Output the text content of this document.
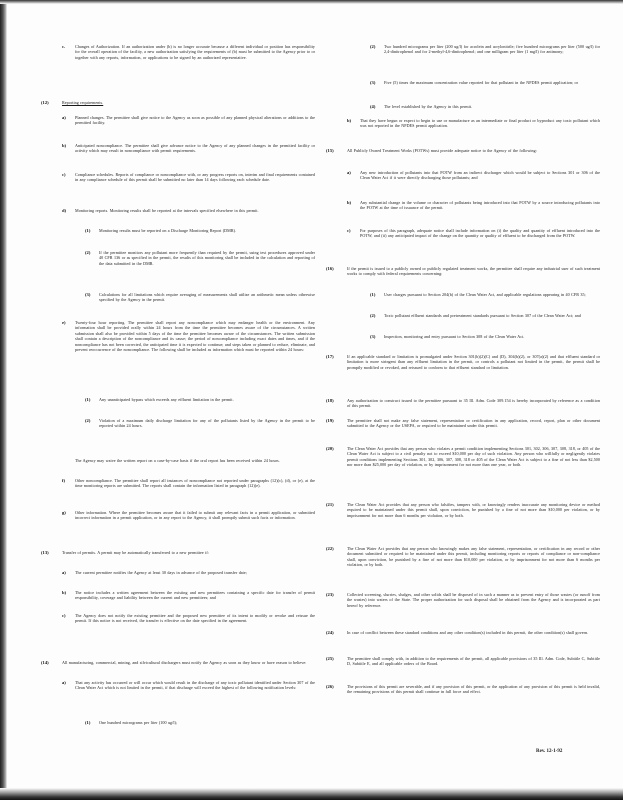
c. Changes of Authorization. If an authorization under (b) is no longer accurate because a different individual or position has responsibility for the overall operation of the facility, a new authorization satisfying the requirements of (b) must be submitted to the Agency prior to or together with any reports, information, or applications to be signed by an authorized representative.
(12)	Reporting requirements.
a) Planned changes. The permittee shall give notice to the Agency as soon as possible of any planned physical alterations or additions to the permitted facility.
b) Anticipated noncompliance. The permittee shall give advance notice to the Agency of any planned changes in the permitted facility or activity which may result in noncompliance with permit requirements.
c) Compliance schedules. Reports of compliance or noncompliance with, or any progress reports on, interim and final requirements contained in any compliance schedule of this permit shall be submitted no later than 14 days following each schedule date.
d) Monitoring reports. Monitoring results shall be reported at the intervals specified elsewhere in this permit.
(1) Monitoring results must be reported on a Discharge Monitoring Report (DMR).
(2) If the permittee monitors any pollutant more frequently than required by the permit, using test procedures approved under 40 CFR 136 or as specified in the permit, the results of this monitoring shall be included in the calculation and reporting of the data submitted in the DMR.
(3) Calculations for all limitations which require averaging of measurements shall utilize an arithmetic mean unless otherwise specified by the Agency in the permit.
e) Twenty-four hour reporting. The permittee shall report any noncompliance which may endanger health or the environment. Any information shall be provided orally within 24 hours from the time the permittee becomes aware of the circumstances. A written submission shall also be provided within 5 days of the time the permittee becomes aware of the circumstances. The written submission shall contain a description of the noncompliance and its cause; the period of noncompliance including exact dates and times, and if the noncompliance has not been corrected, the anticipated time it is expected to continue; and steps taken or planned to reduce, eliminate, and prevent reoccurrence of the noncompliance. The following shall be included as information which must be reported within 24 hours:
(1) Any unanticipated bypass which exceeds any effluent limitation in the permit.
(2) Violation of a maximum daily discharge limitation for any of the pollutants listed by the Agency in the permit to be reported within 24 hours.
The Agency may waive the written report on a case-by-case basis if the oral report has been received within 24 hours.
f) Other noncompliance. The permittee shall report all instances of noncompliance not reported under paragraphs (12)(c), (d), or (e), at the time monitoring reports are submitted. The reports shall contain the information listed in paragraph (12)(e).
g) Other information. Where the permittee becomes aware that it failed to submit any relevant facts in a permit application, or submitted incorrect information in a permit application, or in any report to the Agency, it shall promptly submit such facts or information.
(13)	Transfer of permits. A permit may be automatically transferred to a new permittee if:
a) The current permittee notifies the Agency at least 30 days in advance of the proposed transfer date;
b) The notice includes a written agreement between the existing and new permittees containing a specific date for transfer of permit responsibility, coverage and liability between the current and new permittees; and
c) The Agency does not notify the existing permittee and the proposed new permittee of its intent to modify or revoke and reissue the permit. If this notice is not received, the transfer is effective on the date specified in the agreement.
(14)	All manufacturing, commercial, mining, and silvicultural dischargers must notify the Agency as soon as they know or have reason to believe:
a) That any activity has occurred or will occur which would result in the discharge of any toxic pollutant identified under Section 307 of the Clean Water Act which is not limited in the permit, if that discharge will exceed the highest of the following notification levels:
(1) One hundred micrograms per liter (100 ug/l);
(2) Two hundred micrograms per liter (200 ug/l) for acrolein and acrylonitrile; five hundred micrograms per liter (500 ug/l) for 2,4-dinitrophenol and for 2-methyl-4,6-dinitrophenol; and one milligram per liter (1 mg/l) for antimony;
(3) Five (5) times the maximum concentration value reported for that pollutant in the NPDES permit application; or
(4) The level established by the Agency in this permit.
b) That they have begun or expect to begin to use or manufacture as an intermediate or final product or byproduct any toxic pollutant which was not reported in the NPDES permit application.
(15)	All Publicly Owned Treatment Works (POTWs) must provide adequate notice to the Agency of the following:
a) Any new introduction of pollutants into that POTW from an indirect discharger which would be subject to Sections 301 or 306 of the Clean Water Act if it were directly discharging those pollutants; and
b) Any substantial change in the volume or character of pollutants being introduced into that POTW by a source introducing pollutants into the POTW at the time of issuance of the permit.
c) For purposes of this paragraph, adequate notice shall include information on (i) the quality and quantity of effluent introduced into the POTW, and (ii) any anticipated impact of the change on the quantity or quality of effluent to be discharged from the POTW.
(16)	If the permit is issued to a publicly owned or publicly regulated treatment works, the permittee shall require any industrial user of such treatment works to comply with federal requirements concerning:
(1) User charges pursuant to Section 204(b) of the Clean Water Act, and applicable regulations appearing in 40 CFR 35;
(2) Toxic pollutant effluent standards and pretreatment standards pursuant to Section 307 of the Clean Water Act; and
(3) Inspection, monitoring and entry pursuant to Section 308 of the Clean Water Act.
(17)	If an applicable standard or limitation is promulgated under Section 301(b)(2)(C) and (D), 304(b)(2), or 307(a)(2) and that effluent standard or limitation is more stringent than any effluent limitation in the permit, or controls a pollutant not limited in the permit, the permit shall be promptly modified or revoked, and reissued to conform to that effluent standard or limitation.
(18)	Any authorization to construct issued to the permittee pursuant to 35 Ill. Adm. Code 309.154 is hereby incorporated by reference as a condition of this permit.
(19)	The permittee shall not make any false statement, representation or certification in any application, record, report, plan or other document submitted to the Agency or the USEPA, or required to be maintained under this permit.
(20)	The Clean Water Act provides that any person who violates a permit condition implementing Sections 301, 302, 306, 307, 308, 318, or 405 of the Clean Water Act is subject to a civil penalty not to exceed $10,000 per day of such violation. Any person who willfully or negligently violates permit conditions implementing Sections 301, 302, 306, 307, 308, 318 or 405 of the Clean Water Act is subject to a fine of not less than $2,500 nor more than $25,000 per day of violation, or by imprisonment for not more than one year, or both.
(21)	The Clean Water Act provides that any person who falsifies, tampers with, or knowingly renders inaccurate any monitoring device or method required to be maintained under this permit shall, upon conviction, be punished by a fine of not more than $10,000 per violation, or by imprisonment for not more than 6 months per violation, or by both.
(22)	The Clean Water Act provides that any person who knowingly makes any false statement, representation, or certification in any record or other document submitted or required to be maintained under this permit, including monitoring reports or reports of compliance or non-compliance shall, upon conviction, be punished by a fine of not more than $10,000 per violation, or by imprisonment for not more than 6 months per violation, or by both.
(23)	Collected screening, slurries, sludges, and other solids shall be disposed of in such a manner as to prevent entry of those wastes (or runoff from the wastes) into waters of the State. The proper authorization for such disposal shall be obtained from the Agency and is incorporated as part hereof by reference.
(24)	In case of conflict between these standard conditions and any other condition(s) included in this permit, the other condition(s) shall govern.
(25)	The permittee shall comply with, in addition to the requirements of the permit, all applicable provisions of 35 Ill. Adm. Code, Subtitle C, Subtitle D, Subtitle E, and all applicable orders of the Board.
(26)	The provisions of this permit are severable, and if any provision of this permit, or the application of any provision of this permit is held invalid, the remaining provisions of this permit shall continue in full force and effect.
Rev. 12-1-92
